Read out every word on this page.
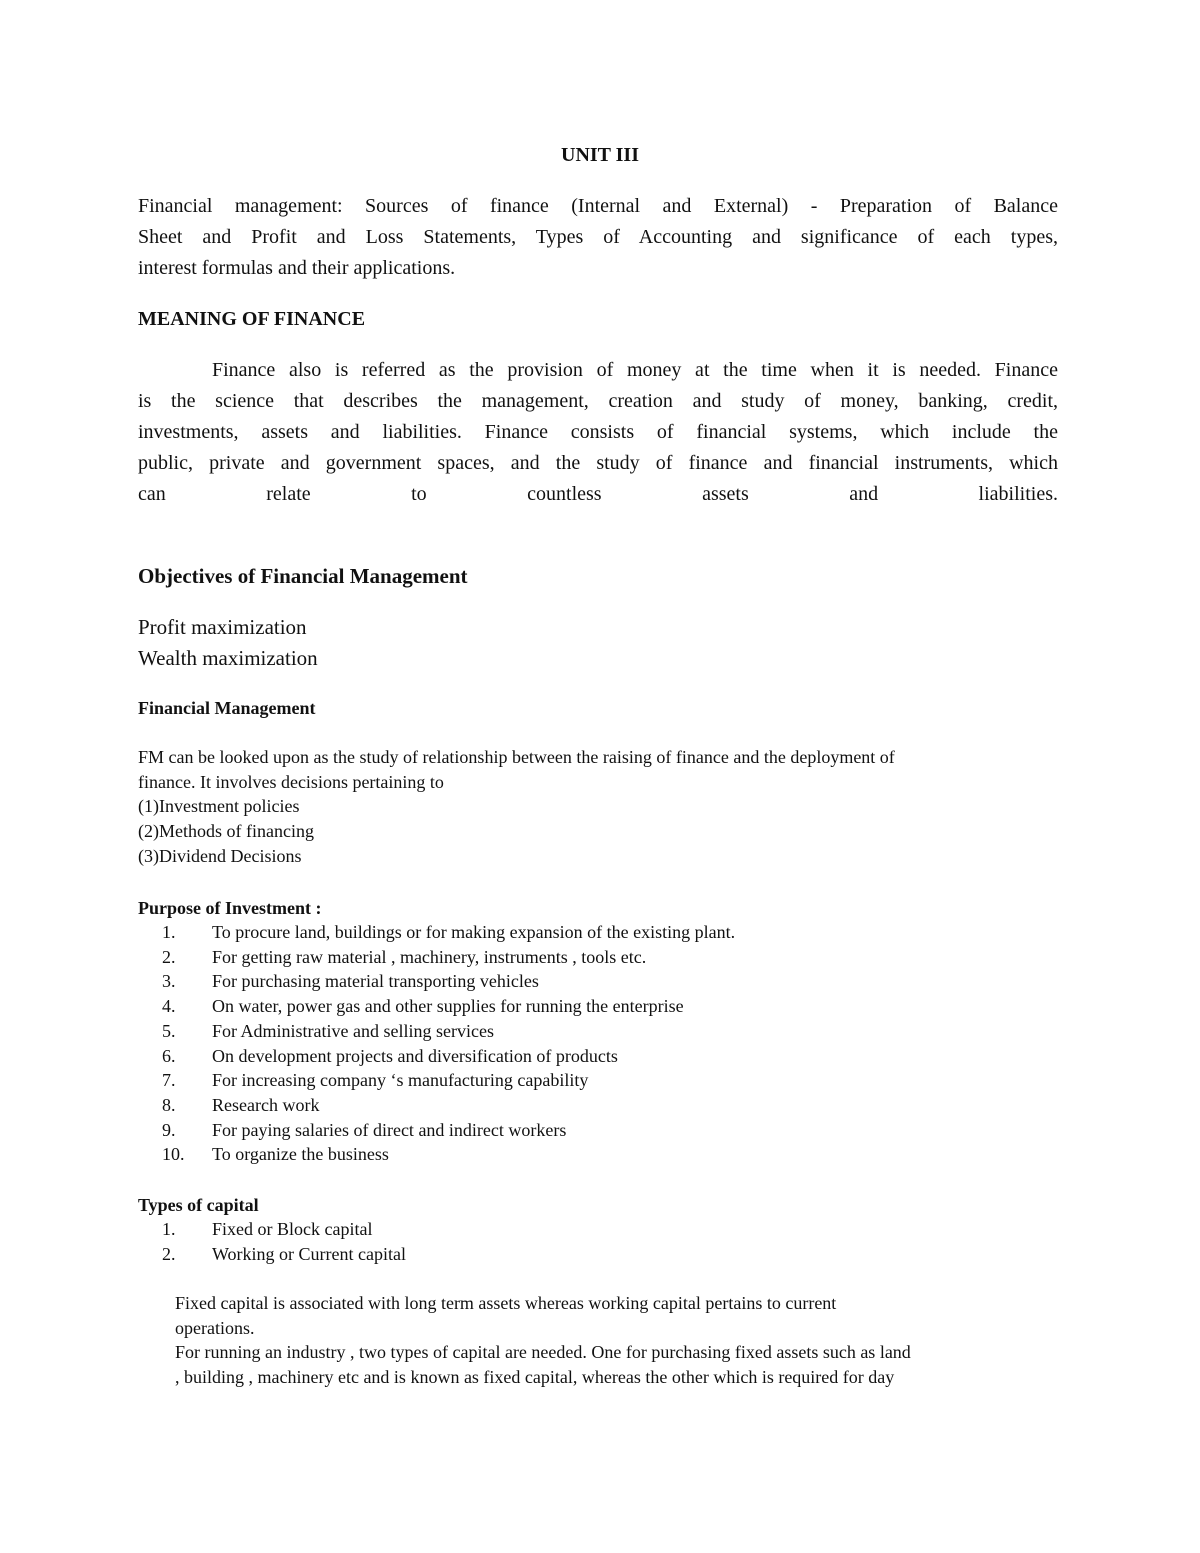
UNIT III
Financial management: Sources of finance (Internal and External) - Preparation of Balance
Sheet and Profit and Loss Statements, Types of Accounting and significance of each types,
interest formulas and their applications.
MEANING OF FINANCE
Finance also is referred as the provision of money at the time when it is needed. Finance
is the science that describes the management, creation and study of money, banking, credit,
investments, assets and liabilities. Finance consists of financial systems, which include the
public, private and government spaces, and the study of finance and financial instruments, which
can relate to countless assets and liabilities.
Objectives of Financial Management
Profit maximization
Wealth maximization
Financial Management
FM can be looked upon as the study of relationship between the raising of finance and the deployment of
finance. It involves decisions pertaining to
(1)Investment policies
(2)Methods of financing
(3)Dividend Decisions
Purpose of Investment :
1. To procure land, buildings or for making expansion of the existing plant.
2. For getting raw material , machinery, instruments , tools etc.
3. For purchasing material transporting vehicles
4. On water, power gas and other supplies for running the enterprise
5. For Administrative and selling services
6. On development projects and diversification of products
7. For increasing company ‘s manufacturing capability
8. Research work
9. For paying salaries of direct and indirect workers
10. To organize the business
Types of capital
1. Fixed or Block capital
2. Working or Current capital
Fixed capital is associated with long term assets whereas working capital pertains to current
operations.
For running an industry , two types of capital are needed. One for purchasing fixed assets such as land
, building , machinery etc and is known as fixed capital, whereas the other which is required for day
